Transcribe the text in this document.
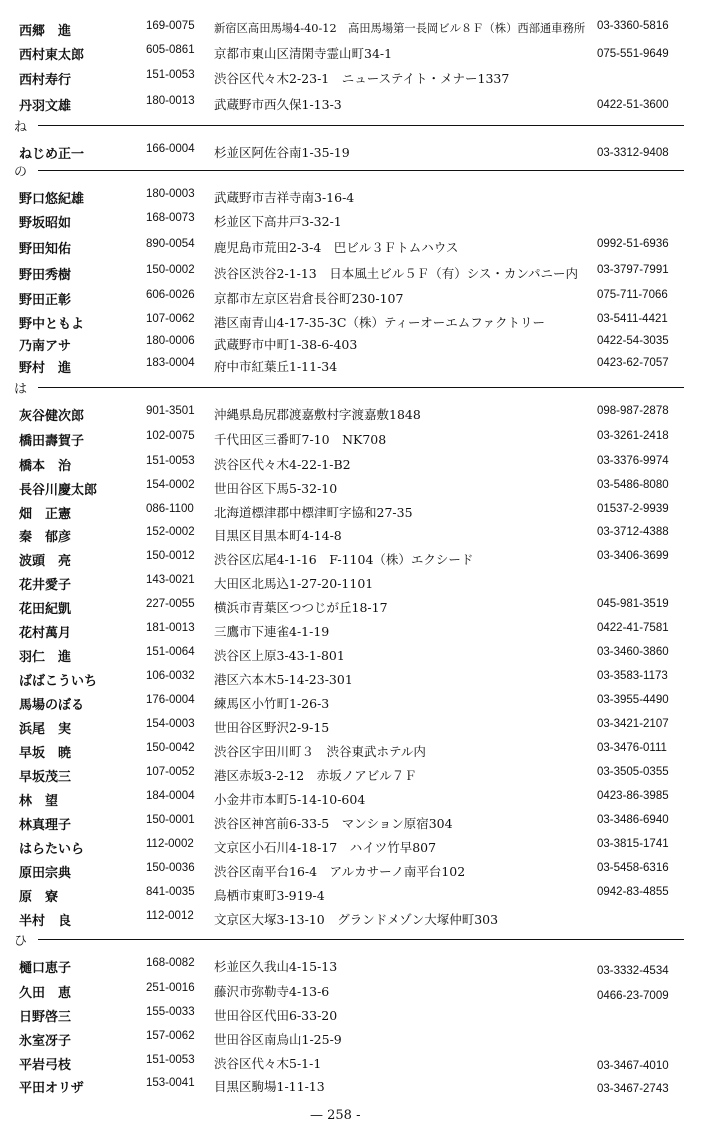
西郷　進	169-0075 新宿区高田馬場4-40-12　高田馬場第一長岡ビル８Ｆ（株）西部通車務所 03-3360-5816
西村東太郎	605-0861 京都市東山区清閑寺霊山町34-1	075-551-9649
西村寿行	151-0053 渋谷区代々木2-23-1　ニューステイト・メナー1337
丹羽文雄	180-0013 武蔵野市西久保1-13-3	0422-51-3600
ね
ねじめ正一	166-0004 杉並区阿佐谷南1-35-19	03-3312-9408
の
野口悠紀雄	180-0003 武蔵野市吉祥寺南3-16-4
野坂昭如	168-0073 杉並区下高井戸3-32-1
野田知佑	890-0054 鹿児島市荒田2-3-4　巴ビル３Ｆトムハウス	0992-51-6936
野田秀樹	150-0002 渋谷区渋谷2-1-13　日本風土ビル５Ｆ（有）シス・カンパニー内 03-3797-7991
野田正彰	606-0026 京都市左京区岩倉長谷町230-107	075-711-7066
野中ともよ	107-0062 港区南青山4-17-35-3C（株）ティーオーエムファクトリー	03-5411-4421
乃南アサ	180-0006 武蔵野市中町1-38-6-403	0422-54-3035
野村　進	183-0004 府中市紅葉丘1-11-34	0423-62-7057
は
灰谷健次郎	901-3501 沖縄県島尻郡渡嘉敷村字渡嘉敷1848	098-987-2878
橋田壽賀子	102-0075 千代田区三番町7-10　NK708	03-3261-2418
橋本　治	151-0053 渋谷区代々木4-22-1-B2	03-3376-9974
長谷川慶太郎	154-0002 世田谷区下馬5-32-10	03-5486-8080
畑　正憲	086-1100 北海道標津郡中標津町字協和27-35	01537-2-9939
秦　郁彦	152-0002 目黒区目黒本町4-14-8	03-3712-4388
波頭　亮	150-0012 渋谷区広尾4-1-16　F-1104（株）エクシード	03-3406-3699
花井愛子	143-0021 大田区北馬込1-27-20-1101
花田紀凱	227-0055 横浜市青葉区つつじが丘18-17	045-981-3519
花村萬月	181-0013 三鷹市下連雀4-1-19	0422-41-7581
羽仁　進	151-0064 渋谷区上原3-43-1-801	03-3460-3860
ばばこういち	106-0032 港区六本木5-14-23-301	03-3583-1173
馬場のぼる	176-0004 練馬区小竹町1-26-3	03-3955-4490
浜尾　実	154-0003 世田谷区野沢2-9-15	03-3421-2107
早坂　暁	150-0042 渋谷区宇田川町３　渋谷東武ホテル内	03-3476-0111
早坂茂三	107-0052 港区赤坂3-2-12　赤坂ノアビル７Ｆ	03-3505-0355
林　望	184-0004 小金井市本町5-14-10-604	0423-86-3985
林真理子	150-0001 渋谷区神宮前6-33-5　マンション原宿304	03-3486-6940
はらたいら	112-0002 文京区小石川4-18-17　ハイツ竹早807	03-3815-1741
原田宗典	150-0036 渋谷区南平台16-4　アルカサーノ南平台102	03-5458-6316
原　寮	841-0035 鳥栖市東町3-919-4	0942-83-4855
半村　良	112-0012 文京区大塚3-13-10　グランドメゾン大塚仲町303
ひ
樋口恵子	168-0082 杉並区久我山4-15-13	03-3332-4534
久田　恵	251-0016 藤沢市弥勒寺4-13-6	0466-23-7009
日野啓三	155-0033 世田谷区代田6-33-20
氷室冴子	157-0062 世田谷区南烏山1-25-9
平岩弓枝	151-0053 渋谷区代々木5-1-1	03-3467-4010
平田オリザ	153-0041 目黒区駒場1-11-13	03-3467-2743
— 258 -
